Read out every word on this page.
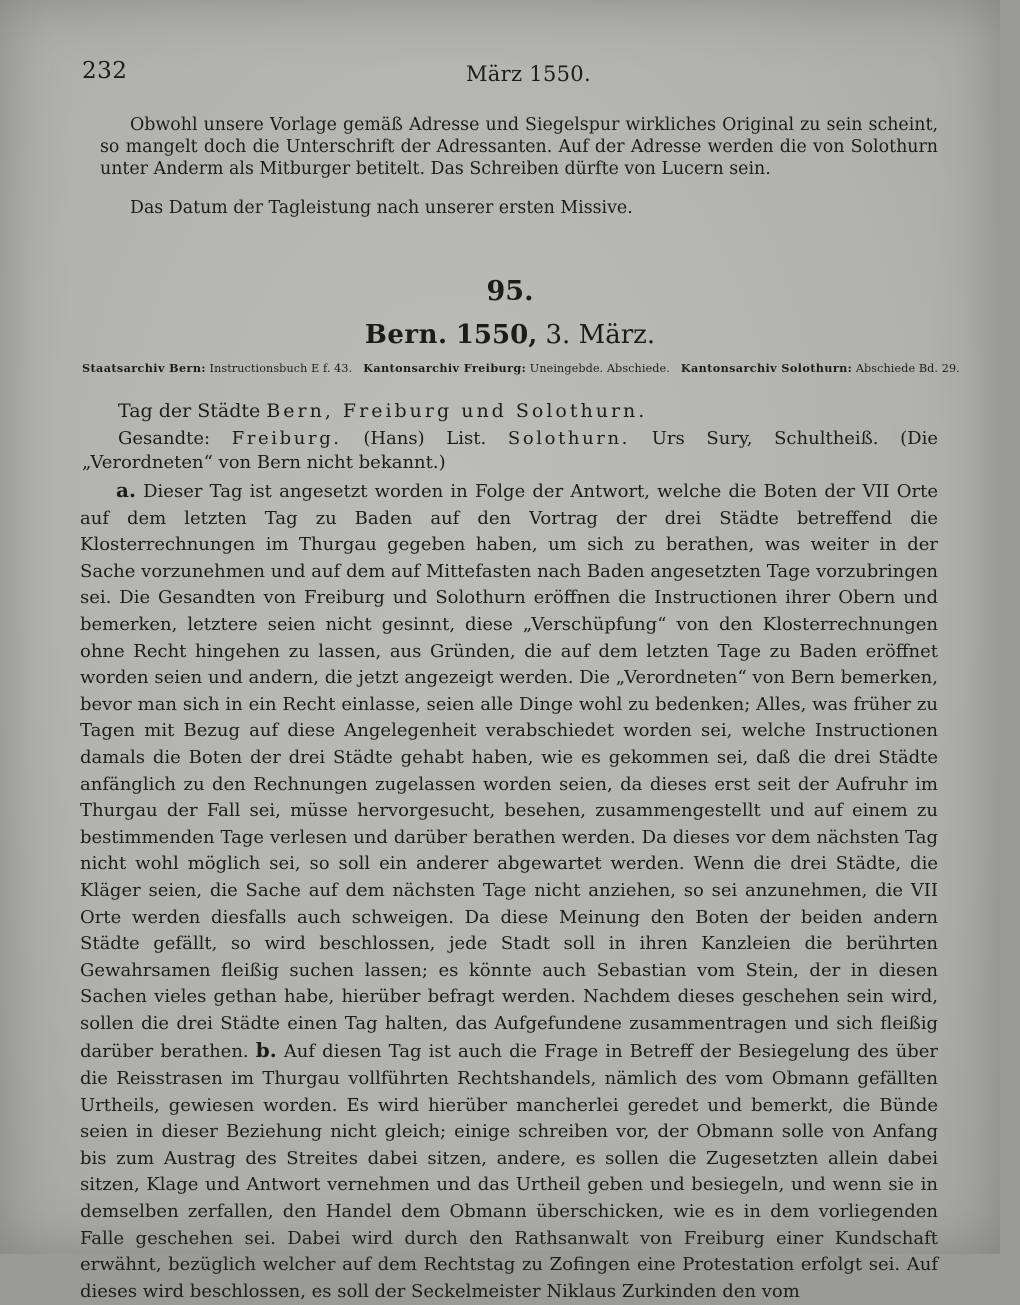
232	März 1550.

Obwohl unsere Vorlage gemäß Adresse und Siegelspur wirkliches Original zu sein scheint, so mangelt doch die Unterschrift der Adressanten. Auf der Adresse werden die von Solothurn unter Anderm als Mitburger betitelt. Das Schreiben dürfte von Lucern sein.

Das Datum der Tagleistung nach unserer ersten Missive.

95.
Bern. 1550, 3. März.
Staatsarchiv Bern: Instructionsbuch E f. 43. Kantonsarchiv Freiburg: Uneingebde. Abschiede. Kantonsarchiv Solothurn: Abschiede Bd. 29.
Tag der Städte Bern, Freiburg und Solothurn.

Gesandte: Freiburg. (Hans) List. Solothurn. Urs Sury, Schultheiß. (Die „Verordneten“ von Bern nicht bekannt.)

a. Dieser Tag ist angesetzt worden in Folge der Antwort, welche die Boten der VII Orte auf dem letzten Tag zu Baden auf den Vortrag der drei Städte betreffend die Klosterrechnungen im Thurgau gegeben haben, um sich zu berathen, was weiter in der Sache vorzunehmen und auf dem auf Mittefasten nach Baden angesetzten Tage vorzubringen sei. Die Gesandten von Freiburg und Solothurn eröffnen die Instructionen ihrer Obern und bemerken, letztere seien nicht gesinnt, diese „Verschüpfung“ von den Klosterrechnungen ohne Recht hingehen zu lassen, aus Gründen, die auf dem letzten Tage zu Baden eröffnet worden seien und andern, die jetzt angezeigt werden. Die „Verordneten“ von Bern bemerken, bevor man sich in ein Recht einlasse, seien alle Dinge wohl zu bedenken; Alles, was früher zu Tagen mit Bezug auf diese Angelegenheit verabschiedet worden sei, welche Instructionen damals die Boten der drei Städte gehabt haben, wie es gekommen sei, daß die drei Städte anfänglich zu den Rechnungen zugelassen worden seien, da dieses erst seit der Aufruhr im Thurgau der Fall sei, müsse hervorgesucht, besehen, zusammengestellt und auf einem zu bestimmenden Tage verlesen und darüber berathen werden. Da dieses vor dem nächsten Tag nicht wohl möglich sei, so soll ein anderer abgewartet werden. Wenn die drei Städte, die Kläger seien, die Sache auf dem nächsten Tage nicht anziehen, so sei anzunehmen, die VII Orte werden diesfalls auch schweigen. Da diese Meinung den Boten der beiden andern Städte gefällt, so wird beschlossen, jede Stadt soll in ihren Kanzleien die berührten Gewahrsamen fleißig suchen lassen; es könnte auch Sebastian vom Stein, der in diesen Sachen vieles gethan habe, hierüber befragt werden. Nachdem dieses geschehen sein wird, sollen die drei Städte einen Tag halten, das Aufgefundene zusammentragen und sich fleißig darüber berathen. b. Auf diesen Tag ist auch die Frage in Betreff der Besiegelung des über die Reisstrasen im Thurgau vollführten Rechtshandels, nämlich des vom Obmann gefällten Urtheils, gewiesen worden. Es wird hierüber mancherlei geredet und bemerkt, die Bünde seien in dieser Beziehung nicht gleich; einige schreiben vor, der Obmann solle von Anfang bis zum Austrag des Streites dabei sitzen, andere, es sollen die Zugesetzten allein dabei sitzen, Klage und Antwort vernehmen und das Urtheil geben und besiegeln, und wenn sie in demselben zerfallen, den Handel dem Obmann überschicken, wie es in dem vorliegenden Falle geschehen sei. Dabei wird durch den Rathsanwalt von Freiburg einer Kundschaft erwähnt, bezüglich welcher auf dem Rechtstag zu Zofingen eine Protestation erfolgt sei. Auf dieses wird beschlossen, es soll der Seckelmeister Niklaus Zurkinden den vom
